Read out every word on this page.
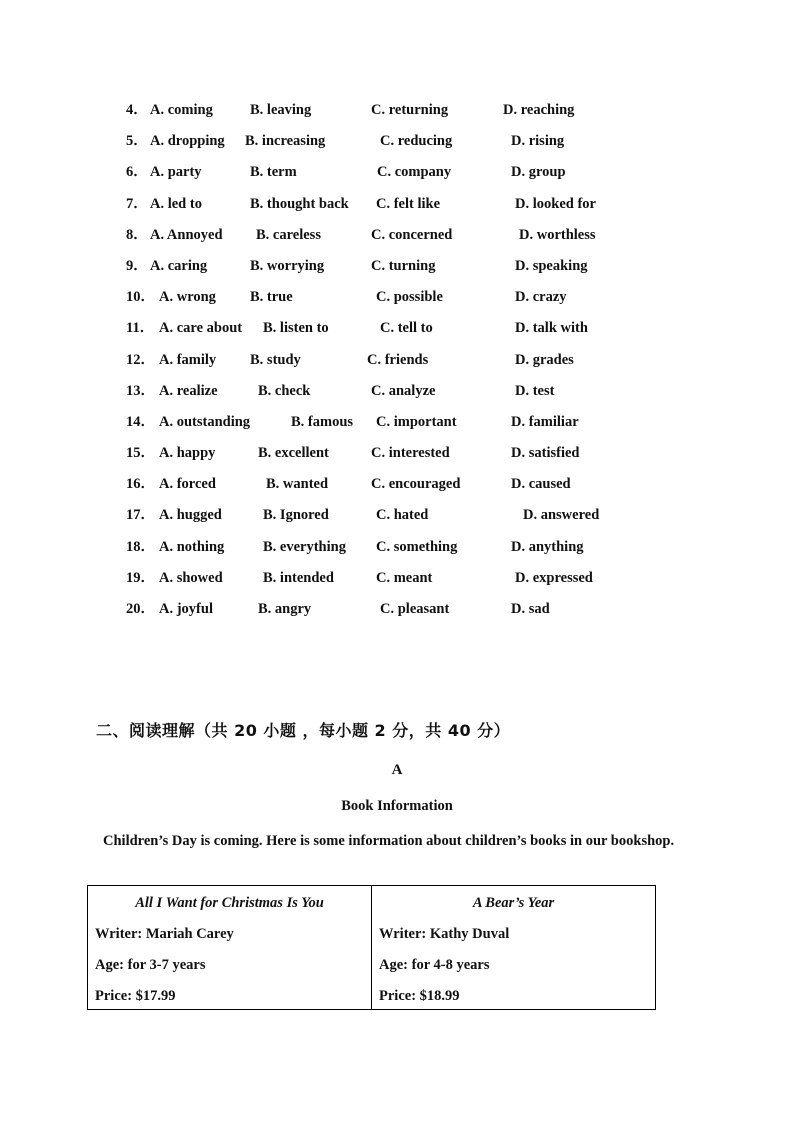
4． A. coming	B. leaving	C. returning	D. reaching
5． A. dropping B. increasing	C. reducing	D. rising
6． A. party	B. term	C. company	D. group
7． A. led to	B. thought back C. felt like	D. looked for
8． A. Annoyed B. careless	C. concerned	D. worthless
9． A. caring	B. worrying	C. turning	D. speaking
10． A. wrong B. true	C. possible	D. crazy
11． A. care about B. listen to	C. tell to	D. talk with
12． A. family B. study	C. friends	D. grades
13． A. realize	B. check	C. analyze	D. test
14． A. outstanding	B. famous C. important	D. familiar
15． A. happy	B. excellent	C. interested	D. satisfied
16． A. forced	B. wanted	C. encouraged	D. caused
17． A. hugged	B. Ignored	C. hated	D. answered
18． A. nothing	B. everything C. something	D. anything
19． A. showed	B. intended	C. meant	D. expressed
20． A. joyful	B. angry	C. pleasant	D. sad
二、阅读理解（共 20 小题 ，每小题 2 分，共 40 分）
A
Book Information
Children’s Day is coming. Here is some information about children’s books in our bookshop.
All I Want for Christmas Is You
Writer: Mariah Carey
Age: for 3-7 years
Price: $17.99
A Bear’s Year
Writer: Kathy Duval
Age: for 4-8 years
Price: $18.99
